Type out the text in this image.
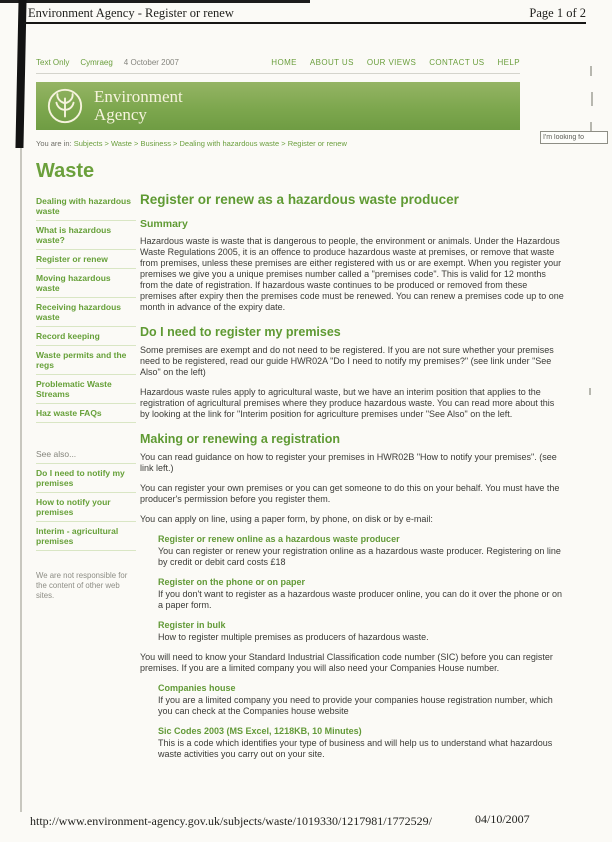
Environment Agency - Register or renew	Page 1 of 2
Text Only Cymraeg 4 October 2007	HOME ABOUT US OUR VIEWS CONTACT US HELP
Environment
Agency
You are in: Subjects > Waste > Business > Dealing with hazardous waste > Register or renew
I'm looking fo
Waste
Dealing with hazardous waste
What is hazardous waste?
Register or renew
Moving hazardous waste
Receiving hazardous waste
Record keeping
Waste permits and the regs
Problematic Waste Streams
Haz waste FAQs
See also...
Do I need to notify my premises
How to notify your premises
Interim - agricultural premises
We are not responsible for the content of other web sites.
Register or renew as a hazardous waste producer
Summary

Hazardous waste is waste that is dangerous to people, the environment or animals. Under the Hazardous Waste Regulations 2005, it is an offence to produce hazardous waste at premises, or remove that waste from premises, unless these premises are either registered with us or are exempt. When you register your premises we give you a unique premises number called a "premises code". This is valid for 12 months from the date of registration. If hazardous waste continues to be produced or removed from these premises after expiry then the premises code must be renewed. You can renew a premises code up to one month in advance of the expiry date.

Do I need to register my premises

Some premises are exempt and do not need to be registered. If you are not sure whether your premises need to be registered, read our guide HWR02A "Do I need to notify my premises?" (see link under "See Also" on the left)

Hazardous waste rules apply to agricultural waste, but we have an interim position that applies to the registration of agricultural premises where they produce hazardous waste. You can read more about this by looking at the link for "Interim position for agriculture premises under "See Also" on the left.

Making or renewing a registration

You can read guidance on how to register your premises in HWR02B "How to notify your premises". (see link left.)

You can register your own premises or you can get someone to do this on your behalf. You must have the producer's permission before you register them.

You can apply on line, using a paper form, by phone, on disk or by e-mail:

Register or renew online as a hazardous waste producer
You can register or renew your registration online as a hazardous waste producer. Registering on line by credit or debit card costs £18
Register on the phone or on paper
If you don't want to register as a hazardous waste producer online, you can do it over the phone or on a paper form.
Register in bulk
How to register multiple premises as producers of hazardous waste.

You will need to know your Standard Industrial Classification code number (SIC) before you can register premises. If you are a limited company you will also need your Companies House number.

Companies house
If you are a limited company you need to provide your companies house registration number, which you can check at the Companies house website
Sic Codes 2003 (MS Excel, 1218KB, 10 Minutes)
This is a code which identifies your type of business and will help us to understand what hazardous waste activities you carry out on your site.
http://www.environment-agency.gov.uk/subjects/waste/1019330/1217981/1772529/	04/10/2007
